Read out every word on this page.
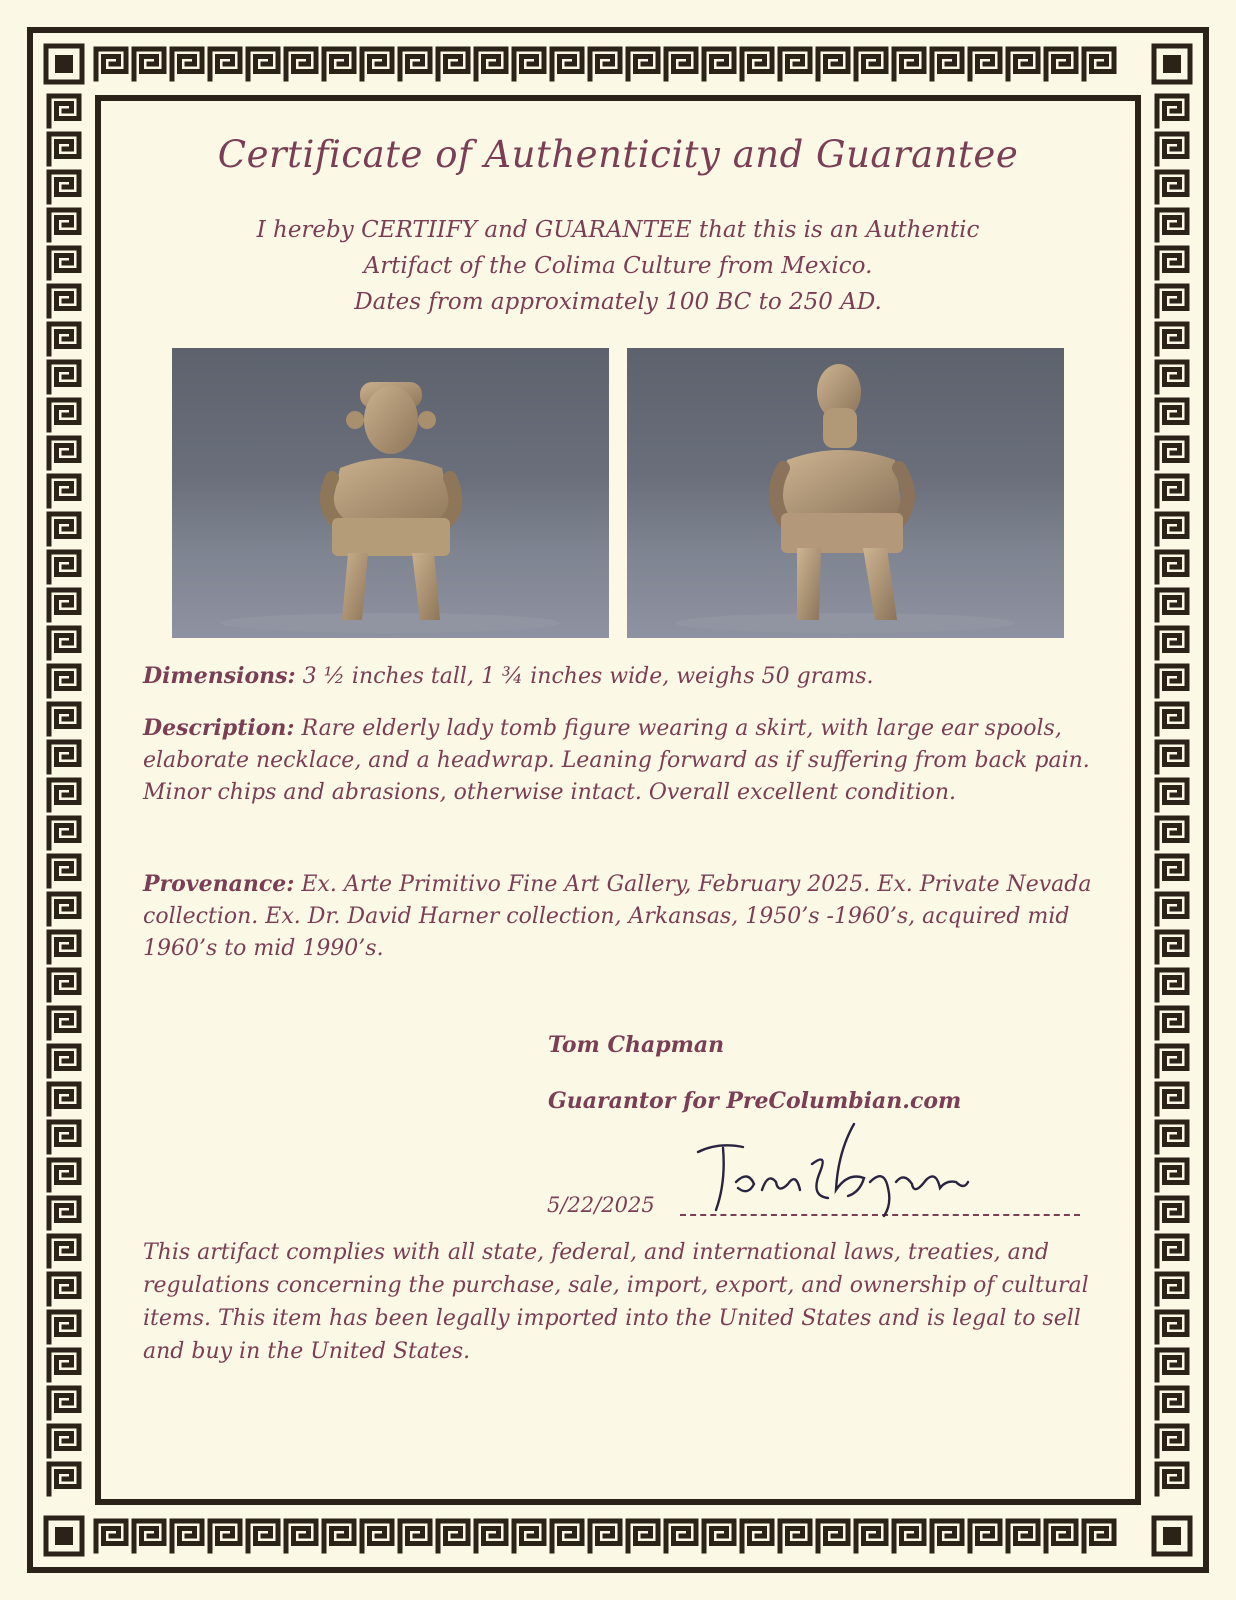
Certificate of Authenticity and Guarantee
I hereby CERTIIFY and GUARANTEE that this is an Authentic
Artifact of the Colima Culture from Mexico.
Dates from approximately 100 BC to 250 AD.
Dimensions: 3 ½ inches tall, 1 ¾ inches wide, weighs 50 grams.
Description: Rare elderly lady tomb figure wearing a skirt, with large ear spools, elaborate necklace, and a headwrap. Leaning forward as if suffering from back pain. Minor chips and abrasions, otherwise intact. Overall excellent condition.
Provenance: Ex. Arte Primitivo Fine Art Gallery, February 2025. Ex. Private Nevada collection. Ex. Dr. David Harner collection, Arkansas, 1950’s -1960’s, acquired mid 1960’s to mid 1990’s.
Tom Chapman
Guarantor for PreColumbian.com
5/22/2025
This artifact complies with all state, federal, and international laws, treaties, and regulations concerning the purchase, sale, import, export, and ownership of cultural items. This item has been legally imported into the United States and is legal to sell and buy in the United States.
